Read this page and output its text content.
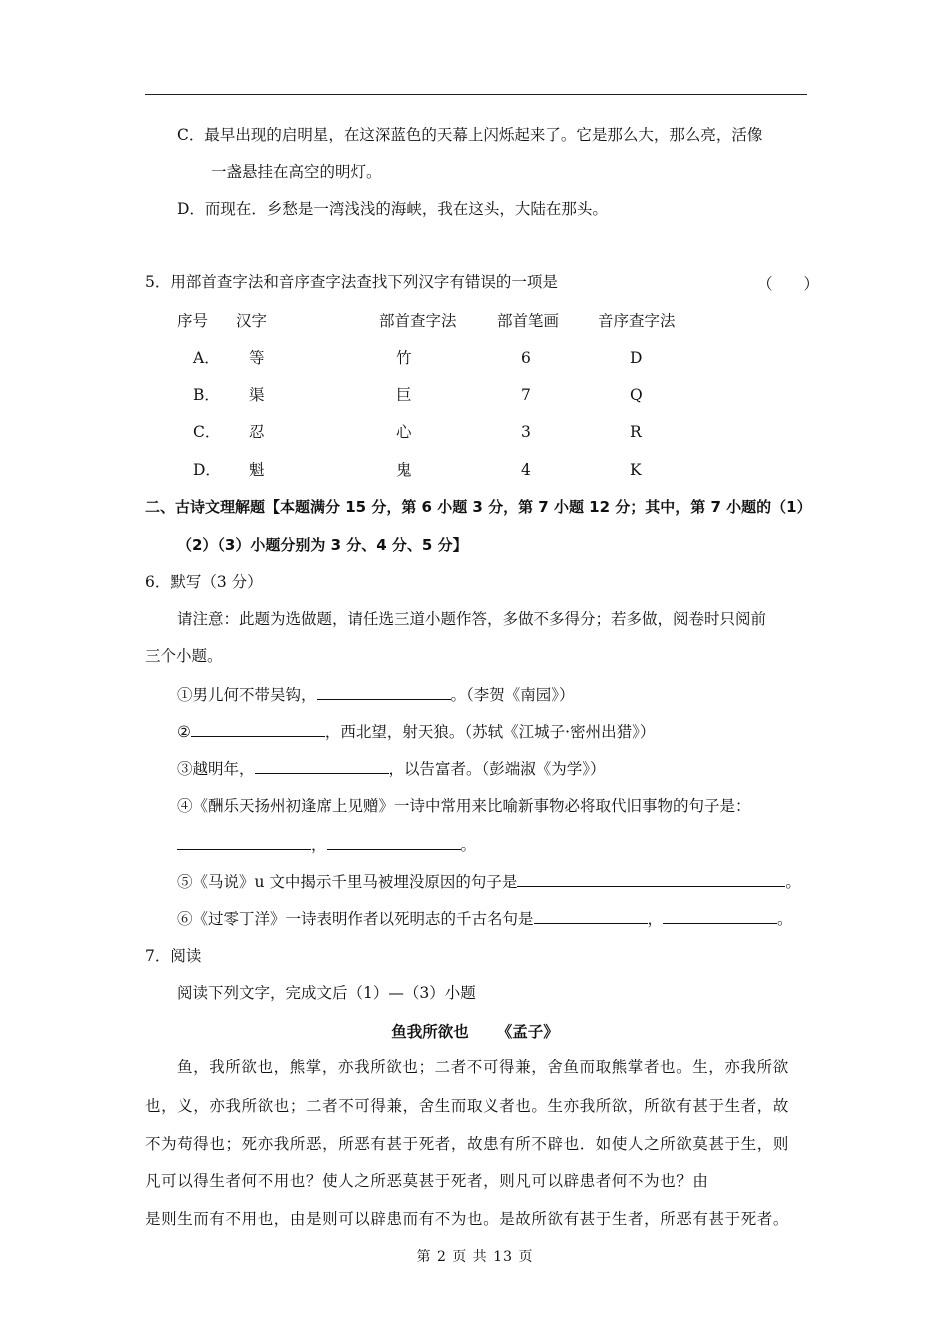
C．最早出现的启明星，在这深蓝色的天幕上闪烁起来了。它是那么大，那么亮，活像
一盏悬挂在高空的明灯。
D．而现在．乡愁是一湾浅浅的海峡，我在这头，大陆在那头。
5．用部首查字法和音序查字法查找下列汉字有错误的一项是	（　　）
序号 汉字	部首查字法	部首笔画	音序查字法
A． 等	竹	6	D
B． 渠	巨	7	Q
C． 忍	心	3	R
D． 魁	鬼	4	K
二、古诗文理解题【本题满分 15 分，第 6 小题 3 分，第 7 小题 12 分；其中，第 7 小题的（1）
（2）（3）小题分别为 3 分、4 分、5 分】
6．默写（3 分）
请注意：此题为选做题，请任选三道小题作答，多做不多得分；若多做，阅卷时只阅前
三个小题。
①男儿何不带吴钩，	。（李贺《南园》）
②	，西北望，射天狼。（苏轼《江城子·密州出猎》）
③越明年，	，以告富者。（彭端淑《为学》）
④《酬乐天扬州初逢席上见赠》一诗中常用来比喻新事物必将取代旧事物的句子是：
，	。
⑤《马说》u 文中揭示千里马被埋没原因的句子是	。
⑥《过零丁洋》一诗表明作者以死明志的千古名句是	，	。
7．阅读
阅读下列文字，完成文后（1）—（3）小题
鱼我所欲也 《孟子》
鱼，我所欲也，熊掌，亦我所欲也；二者不可得兼，舍鱼而取熊掌者也。生，亦我所欲
也，义，亦我所欲也；二者不可得兼，舍生而取义者也。生亦我所欲，所欲有甚于生者，故
不为苟得也；死亦我所恶，所恶有甚于死者，故患有所不辟也．如使人之所欲莫甚于生，则
凡可以得生者何不用也？使人之所恶莫甚于死者，则凡可以辟患者何不为也？由
是则生而有不用也，由是则可以辟患而有不为也。是故所欲有甚于生者，所恶有甚于死者。
第 2 页 共 13 页
